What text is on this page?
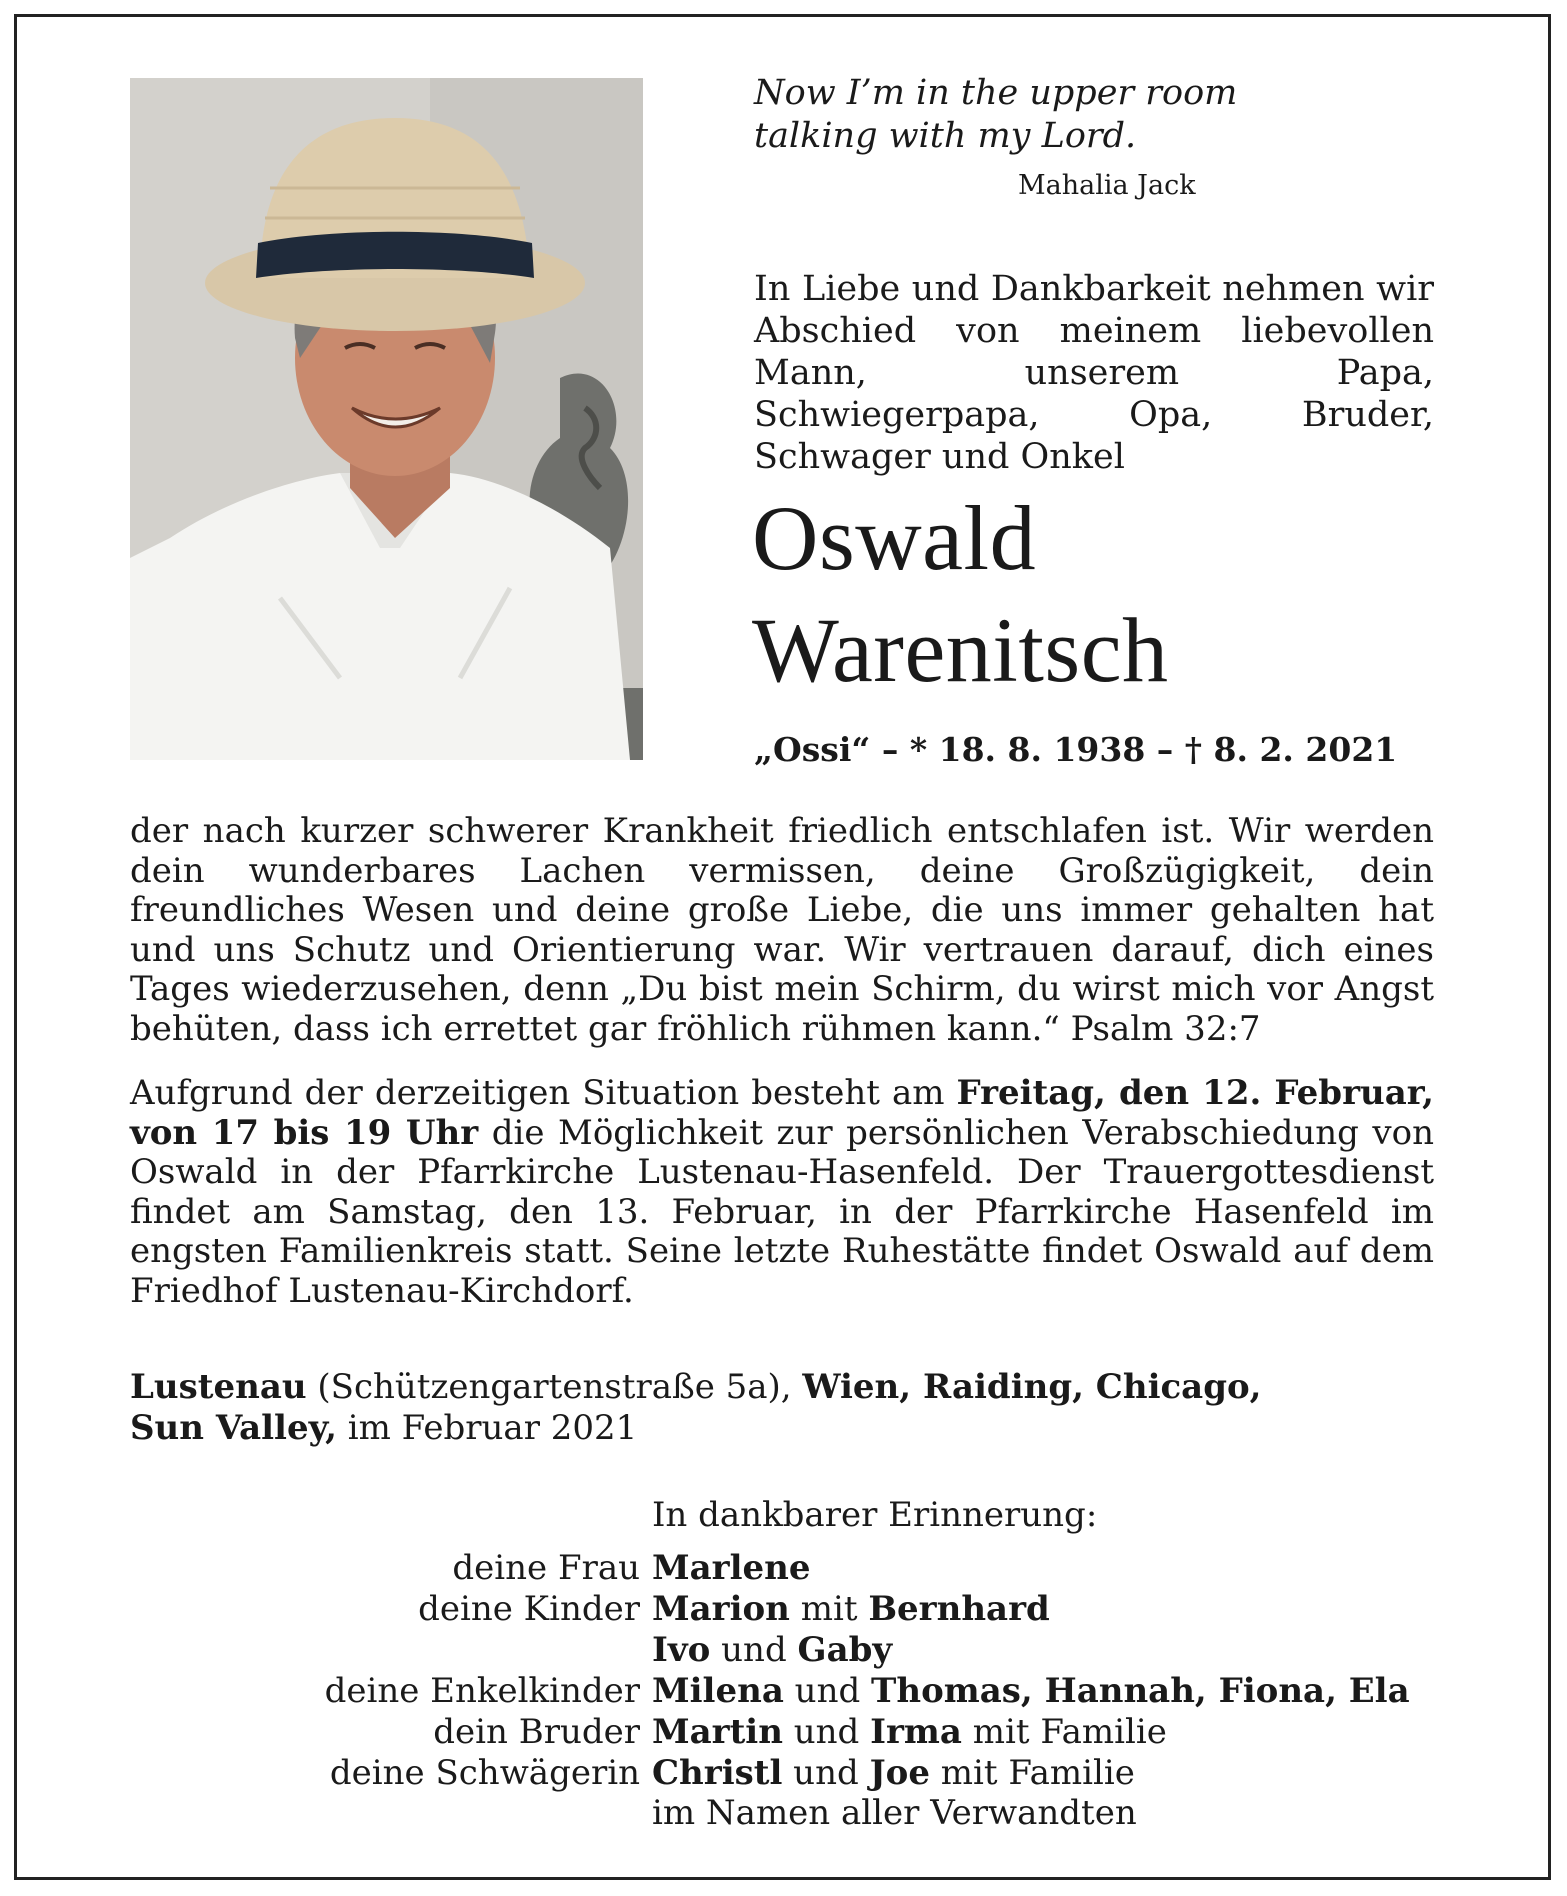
Now I’m in the upper room
talking with my Lord.
Mahalia Jack
In Liebe und Dankbarkeit nehmen wir Abschied von meinem liebevollen Mann, unserem Papa, Schwiegerpapa, Opa, Bruder, Schwager und Onkel
Oswald
Warenitsch
„Ossi“ – * 18. 8. 1938 – † 8. 2. 2021
der nach kurzer schwerer Krankheit friedlich entschlafen ist. Wir werden dein wunderbares Lachen vermissen, deine Großzügigkeit, dein freundliches Wesen und deine große Liebe, die uns immer gehalten hat und uns Schutz und Orientierung war. Wir vertrauen darauf, dich eines Tages wiederzusehen, denn „Du bist mein Schirm, du wirst mich vor Angst behüten, dass ich errettet gar fröhlich rühmen kann.“ Psalm 32:7
Aufgrund der derzeitigen Situation besteht am Freitag, den 12. Februar, von 17 bis 19 Uhr die Möglichkeit zur persönlichen Verabschiedung von Oswald in der Pfarrkirche Lustenau-Hasenfeld. Der Trauergottesdienst findet am Samstag, den 13. Februar, in der Pfarrkirche Hasenfeld im engsten Familienkreis statt. Seine letzte Ruhestätte findet Oswald auf dem Friedhof Lustenau-Kirchdorf.
Lustenau (Schützengartenstraße 5a), Wien, Raiding, Chicago,
Sun Valley, im Februar 2021
In dankbarer Erinnerung:
deine Frau Marlene
deine Kinder Marion mit Bernhard
Ivo und Gaby
deine Enkelkinder Milena und Thomas, Hannah, Fiona, Ela
dein Bruder Martin und Irma mit Familie
deine Schwägerin Christl und Joe mit Familie
im Namen aller Verwandten
